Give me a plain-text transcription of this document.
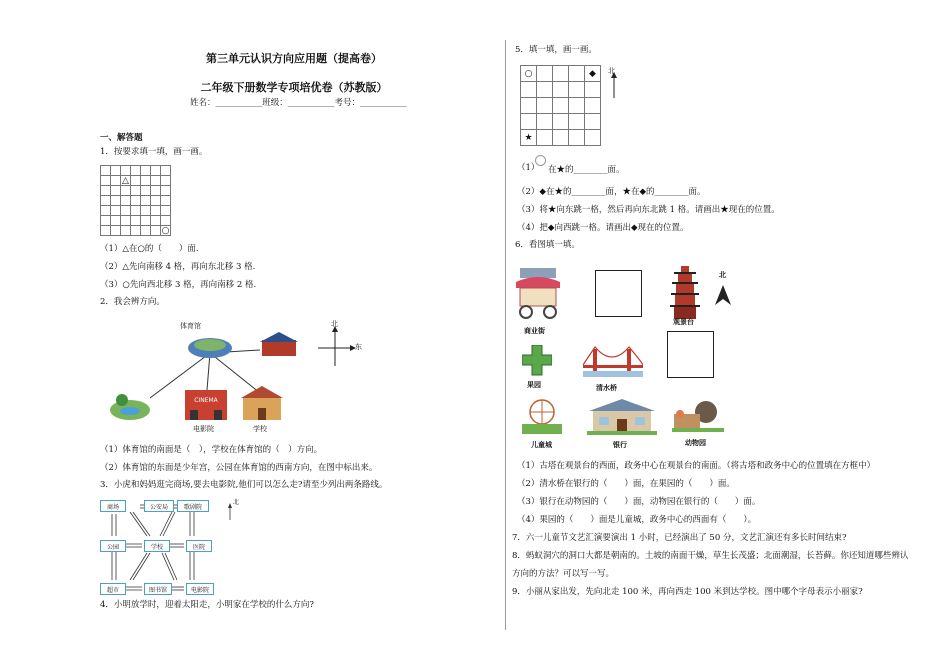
第三单元认识方向应用题（提高卷）
二年级下册数学专项培优卷（苏教版）
姓名：___________班级：___________考号：___________
一、解答题
1．按要求填一填，画一画。
△
○
（1）△在○的（　　）面.
（2）△先向南移 4 格，再向东北移 3 格.
（3）○先向西北移 3 格，再向南移 2 格.
2．我会辨方向。
CINEMA
体育馆
电影院	学校
北
东
（1）体育馆的南面是（　），学校在体育馆的（　）方向。
（2）体育馆的东面是少年宫，公园在体育馆的西南方向，在图中标出来。
3．小虎和妈妈逛完商场,要去电影院,他们可以怎么走?请至少列出两条路线。
商场	公安局	歌剧院
公园	学校	医院
超市	图书馆	电影院
北
4．小明放学时，迎着太阳走，小明家在学校的什么方向?
5．填一填，画一画。
○	◆
★
北
（1） 在★的________面。
（2）◆在★的________面，★在◆的________面。
（3）将★向东跳一格，然后再向东北跳 1 格。请画出★现在的位置。
（4）把◆向西跳一格。请画出◆现在的位置。
6．看图填一填。
商业街
观景台
北
果园	清水桥
儿童城	银行	动物园
（1）古塔在观景台的西面，政务中心在观景台的南面。（将古塔和政务中心的位置填在方框中）
（2）清水桥在银行的（　　）面，在果园的（　　）面。
（3）银行在动物园的（　　）面，动物园在银行的（　　）面。
（4）果园的（　　）面是儿童城，政务中心的西面有（　　）。
7．六一儿童节文艺汇演要演出 1 小时，已经演出了 50 分，文艺汇演还有多长时间结束?
8．蚂蚁洞穴的洞口大都是朝南的。土坡的南面干燥，草生长茂盛；北面潮湿，长苔藓。你还知道哪些辨认
方向的方法？可以写一写。
9．小丽从家出发，先向北走 100 米，再向西走 100 米到达学校。图中哪个字母表示小丽家?
